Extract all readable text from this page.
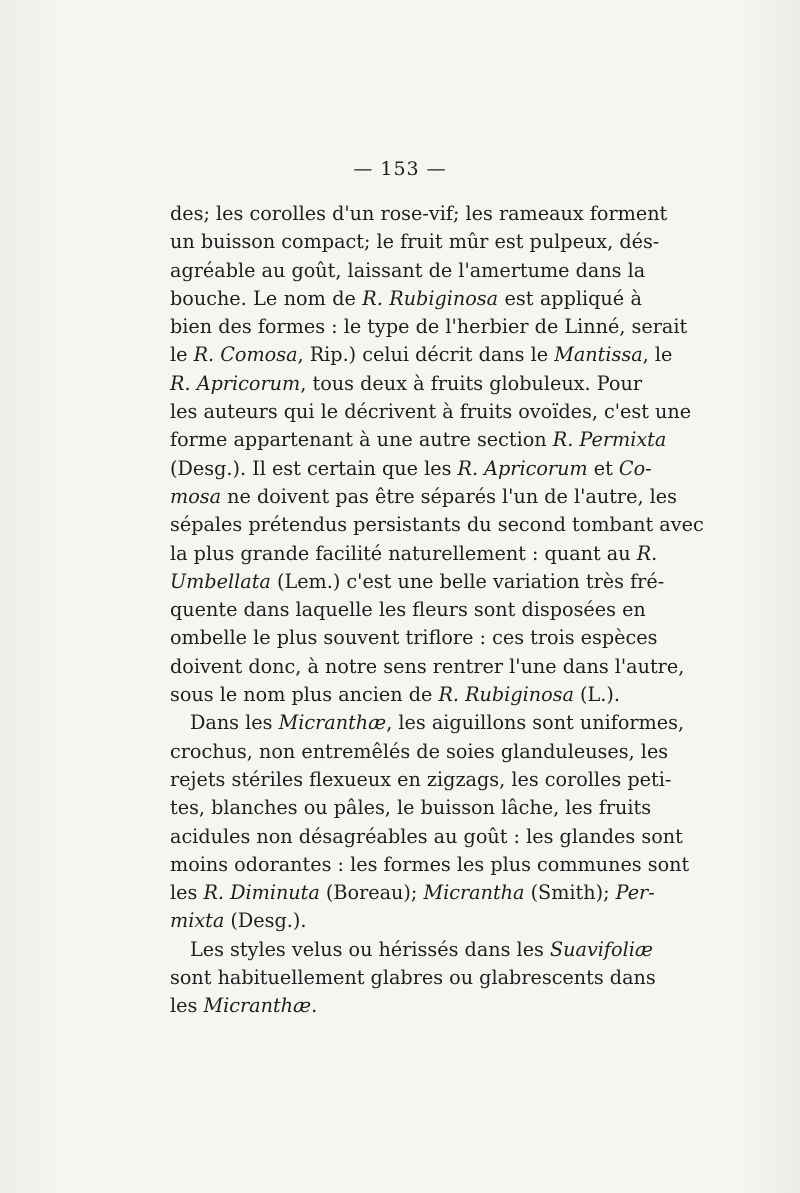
— 153 —

des; les corolles d'un rose-vif; les rameaux forment
un buisson compact; le fruit mûr est pulpeux, dés-
agréable au goût, laissant de l'amertume dans la
bouche. Le nom de R. Rubiginosa est appliqué à
bien des formes : le type de l'herbier de Linné, serait
le R. Comosa, Rip.) celui décrit dans le Mantissa, le
R. Apricorum, tous deux à fruits globuleux. Pour
les auteurs qui le décrivent à fruits ovoïdes, c'est une
forme appartenant à une autre section R. Permixta
(Desg.). Il est certain que les R. Apricorum et Co-
mosa ne doivent pas être séparés l'un de l'autre, les
sépales prétendus persistants du second tombant avec
la plus grande facilité naturellement : quant au R.
Umbellata (Lem.) c'est une belle variation très fré-
quente dans laquelle les fleurs sont disposées en
ombelle le plus souvent triflore : ces trois espèces
doivent donc, à notre sens rentrer l'une dans l'autre,
sous le nom plus ancien de R. Rubiginosa (L.).

Dans les Micranthæ, les aiguillons sont uniformes,

crochus, non entremêlés de soies glanduleuses, les
rejets stériles flexueux en zigzags, les corolles peti-
tes, blanches ou pâles, le buisson lâche, les fruits
acidules non désagréables au goût : les glandes sont
moins odorantes : les formes les plus communes sont
les R. Diminuta (Boreau); Micrantha (Smith); Per-
mixta (Desg.).

Les styles velus ou hérissés dans les Suavifoliæ

sont habituellement glabres ou glabrescents dans
les Micranthæ.
